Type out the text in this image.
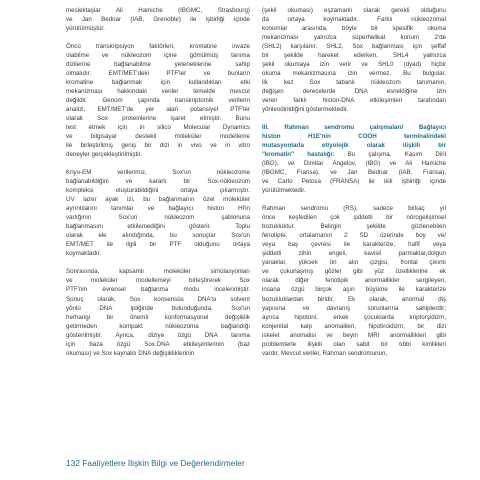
meslektaşlar Ali Hamiche (IBGMC, Strasbourg)
ve Jan Bednar (IAB, Grenoble) ile işbirliği içinde
yürütülmüştür.
Öncü transkripsiyon faktörleri, kromatine invaze
olabilme ve nükleozom içine gömülmüş tanıma
dizilerine bağlanabilme yeteneklerine sahip
olmalıdır. EMT/MET'deki PTF'ler ve bunların
kromatine bağlanmak için kullandıkları etki
mekanizması hakkındaki veriler temelde mevcut
değildir. Genom çapında transkriptomik verilerin
analizi, EMT/MET'de yer alan potansiyel PTF'ler
olarak Sox proteinlerine işaret etmiştir. Bunu
test etmek için in silico Molecular Dynamics
ve bilgisayar destekli moleküler modelleme
ile birleştirilmiş geniş bir dizi in vivo ve in vitro
deneyler gerçekleştirilmiştir.
Kriyo-EM verilerimiz, Sox'un nükleozome
bağlanabildiğini ve kararlı bir Sox-nükleozom
kompleksi oluşturabildiğini ortaya çıkarmıştır.
UV lazer ayak izi, bu bağlanmanın özel moleküler
ayrıntılarını tanımlar ve bağlayıcı histon Hl'in
varlığının Sox'un nükleozom şablonuna
bağlanmasını etkilemediğini gösterir. Toplu
olarak ele alındığında, bu sonuçlar Sox'un
EMT/MET ile ilgili bir PTF olduğunu ortaya
koymaktadır.
Sonrasında, kapsamlı moleküler simülasyonları
ve moleküler modellemeyi birleştirerek Sox
PTF'nin evrensel bağlanma modu incelenmiştir.
Sonuç olarak, Sox konsensüs DNA'sı solvent
yönlü DNA ipliğinde bulunduğunda, Sox'un
herhangi bir önemli konformasyonel değişiklik
getirmeden kompakt nükleozoma bağlandığı
gösterilmiştir. Ayrıca, diziye özgü DNA tanıma
için baza özgü Sox.DNA etkileşimlerinin (baz
okuması) ve Sox kaynaklı DNA değişikliklerinin
(şekil okuması) eşzamanlı olarak gerekli olduğunu
da ortaya koymaktadır. Farklı nükleozomal
konumlar arasında, böyle bir spesifik okuma
mekanizması yalnızca süperhelikal konum 2'de
(SHL2) karşılanır. SHL2, Sox bağlanması için şeffaf
bir şekilde hareket ederken, SHL4 yalnızca
şekil okumaya izin verir ve SHL0 (dyad) hiçbir
okuma mekanizmasına izin vermez. Bu bulgular,
ilk kez Sox tabanlı nükleozom tanımanın,
değişen derecelerde DNA esnekliğine izin
veren farklı histon-DNA etkileşimleri tarafından
yönlendirildiğini göstermektedir.
III. Rahman sendromu çalışmaları/ Bağlayıcı
histon H1E'nin COOH terminalindeki
mutasyonlarla etiyolojik olarak ilişkili bir
"kromatin" hastalığı: Bu çalışma, Kasım Diril
(IBG), ve Dimitar Angelov, (IBG) ve Ali Hamiche
(IBGMC, Fransa), ve Jan Bednar (IAB, Fransa),
ve Carlo Petosa (FRANSA) ile ikili işbirliği içinde
yürütülmektedir.
Rahman sendromu (RS), sadece birkaç yıl
önce keşfedilen çok şiddetli bir nörogelişimsel
bozukluktur. Belirgin şekilde gözlenebilen
fenotipte, ortalamanın 2 SD üzerinde boy ve/
veya baş çevresi ile karakterize, hafif veya
şiddetli zihin engeli, kavisli parmaklar,dolgun
yanaklar, yüksek ön alın çizgisi, frontal çıkıntı
ve çukurlaşmış gözler gibi yüz özelliklerine ek
olarak diğer fenotipik anormallikler sergileyen,
insana özgü birçok aşırı büyüme ile karakterize
bozukluklardan biridir. Ek olarak, anormal diş
yapısına ve davranış sorunlarına sahiplerdir;
ayrıca hipotoni, erkek çocuklarda kriptorşidizm,
konjenital kalp anomalileri, hipotiroidizm, bir dizi
iskelet anomalisi ve beyin MRI anormallikleri gibi
problemlerle ilişkili olan sabit bir tıbbi kimlikleri
vardır. Mevcut veriler, Rahman sendromunun,
132 Faaliyetlere İlişkin Bilgi ve Değerlendirmeler
